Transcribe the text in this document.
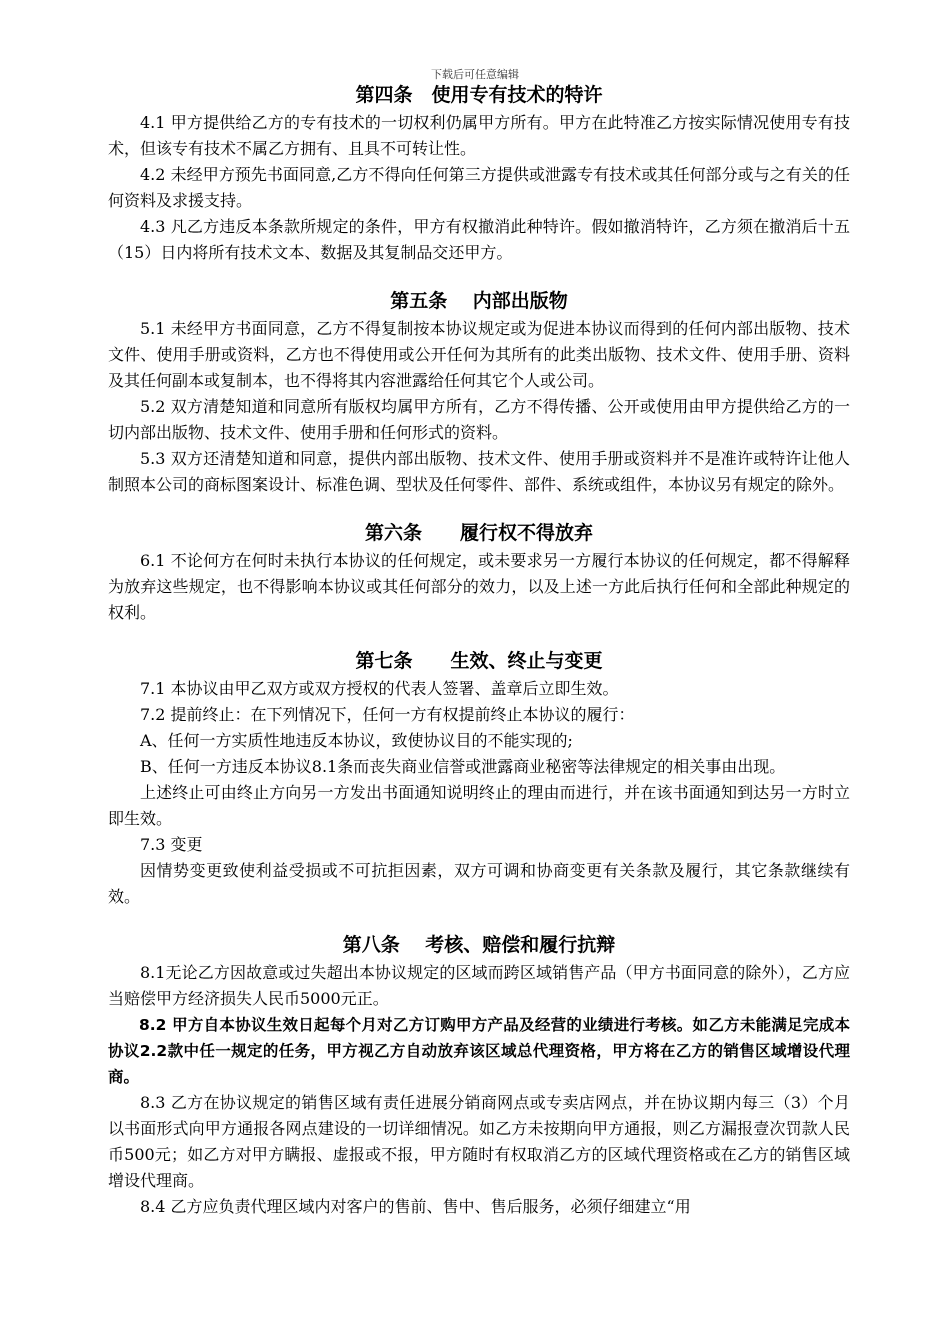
下载后可任意编辑
第四条　使用专有技术的特许

4.1 甲方提供给乙方的专有技术的一切权利仍属甲方所有。甲方在此特准乙方按实际情况使用专有技术，但该专有技术不属乙方拥有、且具不可转让性。

4.2 未经甲方预先书面同意,乙方不得向任何第三方提供或泄露专有技术或其任何部分或与之有关的任何资料及求援支持。

4.3 凡乙方违反本条款所规定的条件，甲方有权撤消此种特许。假如撤消特许，乙方须在撤消后十五（15）日内将所有技术文本、数据及其复制品交还甲方。

第五条　 内部出版物

5.1 未经甲方书面同意，乙方不得复制按本协议规定或为促进本协议而得到的任何内部出版物、技术文件、使用手册或资料，乙方也不得使用或公开任何为其所有的此类出版物、技术文件、使用手册、资料及其任何副本或复制本，也不得将其内容泄露给任何其它个人或公司。

5.2 双方清楚知道和同意所有版权均属甲方所有，乙方不得传播、公开或使用由甲方提供给乙方的一切内部出版物、技术文件、使用手册和任何形式的资料。

5.3 双方还清楚知道和同意，提供内部出版物、技术文件、使用手册或资料并不是准许或特许让他人制照本公司的商标图案设计、标准色调、型状及任何零件、部件、系统或组件，本协议另有规定的除外。

第六条　　履行权不得放弃

6.1 不论何方在何时未执行本协议的任何规定，或未要求另一方履行本协议的任何规定，都不得解释为放弃这些规定，也不得影响本协议或其任何部分的效力，以及上述一方此后执行任何和全部此种规定的权利。

第七条　　生效、终止与变更

7.1 本协议由甲乙双方或双方授权的代表人签署、盖章后立即生效。

7.2 提前终止：在下列情况下，任何一方有权提前终止本协议的履行：

A、任何一方实质性地违反本协议，致使协议目的不能实现的;

B、任何一方违反本协议8.1条而丧失商业信誉或泄露商业秘密等法律规定的相关事由出现。

上述终止可由终止方向另一方发出书面通知说明终止的理由而进行，并在该书面通知到达另一方时立即生效。

7.3 变更

因情势变更致使利益受损或不可抗拒因素，双方可调和协商变更有关条款及履行，其它条款继续有效。

第八条　 考核、赔偿和履行抗辩

8.1无论乙方因故意或过失超出本协议规定的区域而跨区域销售产品（甲方书面同意的除外），乙方应当赔偿甲方经济损失人民币5000元正。

8.2 甲方自本协议生效日起每个月对乙方订购甲方产品及经营的业绩进行考核。如乙方未能满足完成本协议2.2款中任一规定的任务，甲方视乙方自动放弃该区域总代理资格，甲方将在乙方的销售区域增设代理商。

8.3 乙方在协议规定的销售区域有责任进展分销商网点或专卖店网点，并在协议期内每三（3）个月以书面形式向甲方通报各网点建设的一切详细情况。如乙方未按期向甲方通报，则乙方漏报壹次罚款人民币500元；如乙方对甲方瞒报、虚报或不报，甲方随时有权取消乙方的区域代理资格或在乙方的销售区域增设代理商。

8.4 乙方应负责代理区域内对客户的售前、售中、售后服务，必须仔细建立“用
